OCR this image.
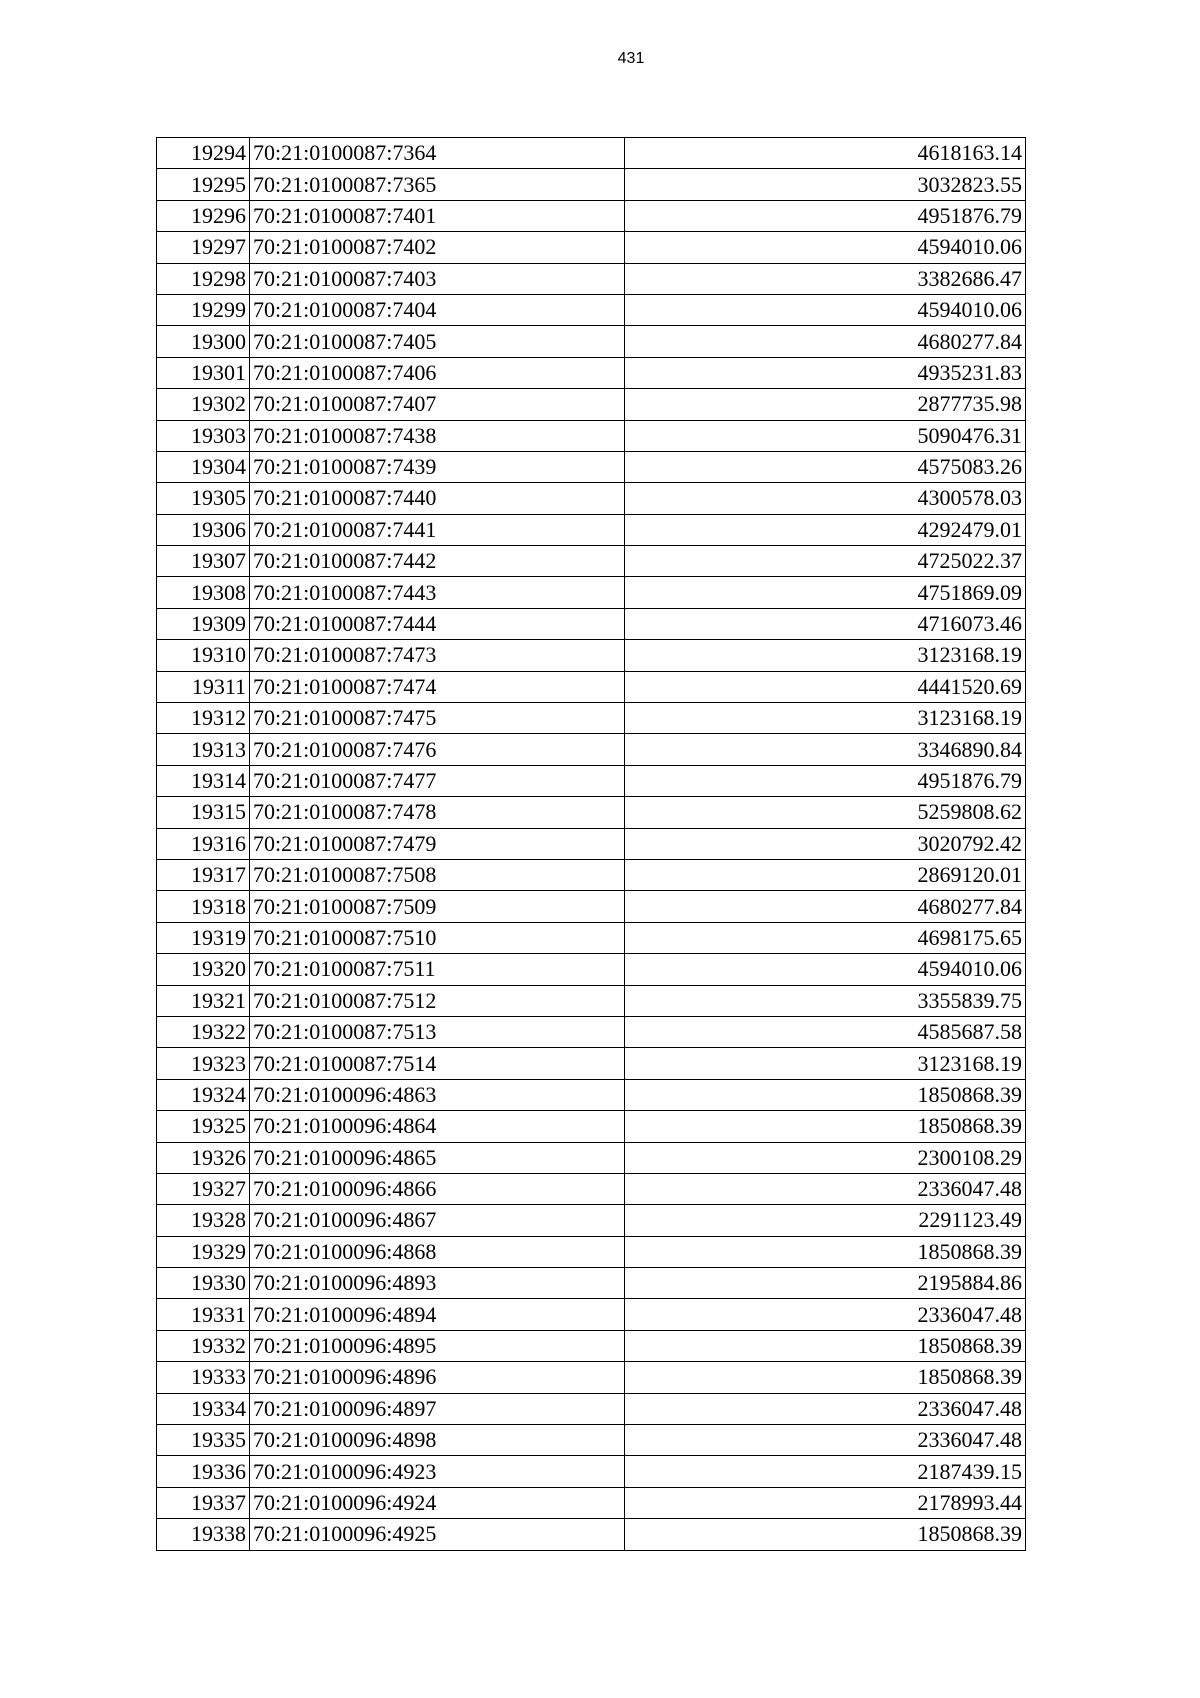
431
19294	70:21:0100087:7364	4618163.14
19295	70:21:0100087:7365	3032823.55
19296	70:21:0100087:7401	4951876.79
19297	70:21:0100087:7402	4594010.06
19298	70:21:0100087:7403	3382686.47
19299	70:21:0100087:7404	4594010.06
19300	70:21:0100087:7405	4680277.84
19301	70:21:0100087:7406	4935231.83
19302	70:21:0100087:7407	2877735.98
19303	70:21:0100087:7438	5090476.31
19304	70:21:0100087:7439	4575083.26
19305	70:21:0100087:7440	4300578.03
19306	70:21:0100087:7441	4292479.01
19307	70:21:0100087:7442	4725022.37
19308	70:21:0100087:7443	4751869.09
19309	70:21:0100087:7444	4716073.46
19310	70:21:0100087:7473	3123168.19
19311	70:21:0100087:7474	4441520.69
19312	70:21:0100087:7475	3123168.19
19313	70:21:0100087:7476	3346890.84
19314	70:21:0100087:7477	4951876.79
19315	70:21:0100087:7478	5259808.62
19316	70:21:0100087:7479	3020792.42
19317	70:21:0100087:7508	2869120.01
19318	70:21:0100087:7509	4680277.84
19319	70:21:0100087:7510	4698175.65
19320	70:21:0100087:7511	4594010.06
19321	70:21:0100087:7512	3355839.75
19322	70:21:0100087:7513	4585687.58
19323	70:21:0100087:7514	3123168.19
19324	70:21:0100096:4863	1850868.39
19325	70:21:0100096:4864	1850868.39
19326	70:21:0100096:4865	2300108.29
19327	70:21:0100096:4866	2336047.48
19328	70:21:0100096:4867	2291123.49
19329	70:21:0100096:4868	1850868.39
19330	70:21:0100096:4893	2195884.86
19331	70:21:0100096:4894	2336047.48
19332	70:21:0100096:4895	1850868.39
19333	70:21:0100096:4896	1850868.39
19334	70:21:0100096:4897	2336047.48
19335	70:21:0100096:4898	2336047.48
19336	70:21:0100096:4923	2187439.15
19337	70:21:0100096:4924	2178993.44
19338	70:21:0100096:4925	1850868.39
